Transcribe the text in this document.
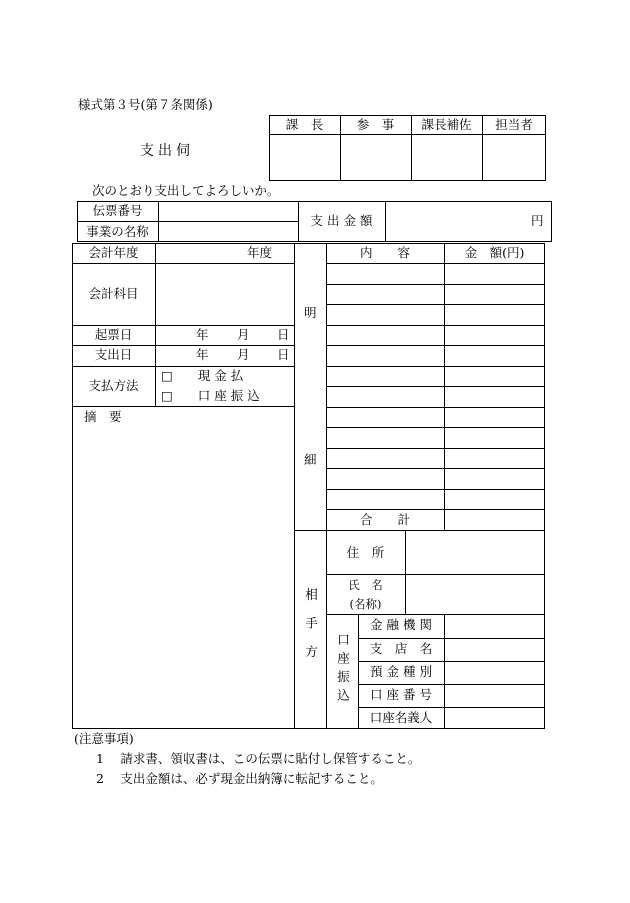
様式第３号(第７条関係)
支出伺
課　長	参　事	課長補佐	担当者
次のとおり支出してよろしいか。
伝票番号
事業の名称
支 出 金 額	円
会計年度	年度
会計科目
起票日	年 月 日
支出日	年 月 日
支払方法
□　　現 金 払
□　　口 座 振 込
摘　要
明
細
内　　容	金　額(円)
合　　計
相手方
住　所
氏　名
(名称)
口座振込
金 融 機 関
支　店　名
預 金 種 別
口 座 番 号
口座名義人
(注意事項)
1　 請求書、領収書は、この伝票に貼付し保管すること。
2　 支出金額は、必ず現金出納簿に転記すること。
